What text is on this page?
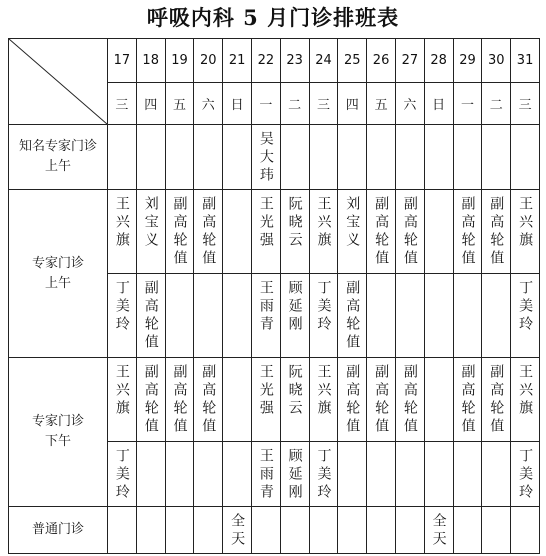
呼吸内科 5 月门诊排班表
	17	18	19	20	21	22	23	24	25	26	27	28	29	30	31
	三	四	五	六	日	一	二	三	四	五	六	日	一	二	三

知名专家门诊
上午						吴大玮									

专家门诊
上午	王兴旗	刘宝义	副高轮值	副高轮值		王光强	阮晓云	王兴旗	刘宝义	副高轮值	副高轮值		副高轮值	副高轮值	王兴旗
	丁美玲	副高轮值				王雨青	顾延刚	丁美玲	副高轮值						丁美玲

专家门诊
下午	王兴旗	副高轮值	副高轮值	副高轮值		王光强	阮晓云	王兴旗	副高轮值	副高轮值	副高轮值		副高轮值	副高轮值	王兴旗
	丁美玲					王雨青	顾延刚	丁美玲							丁美玲
普通门诊					全天							全天			
